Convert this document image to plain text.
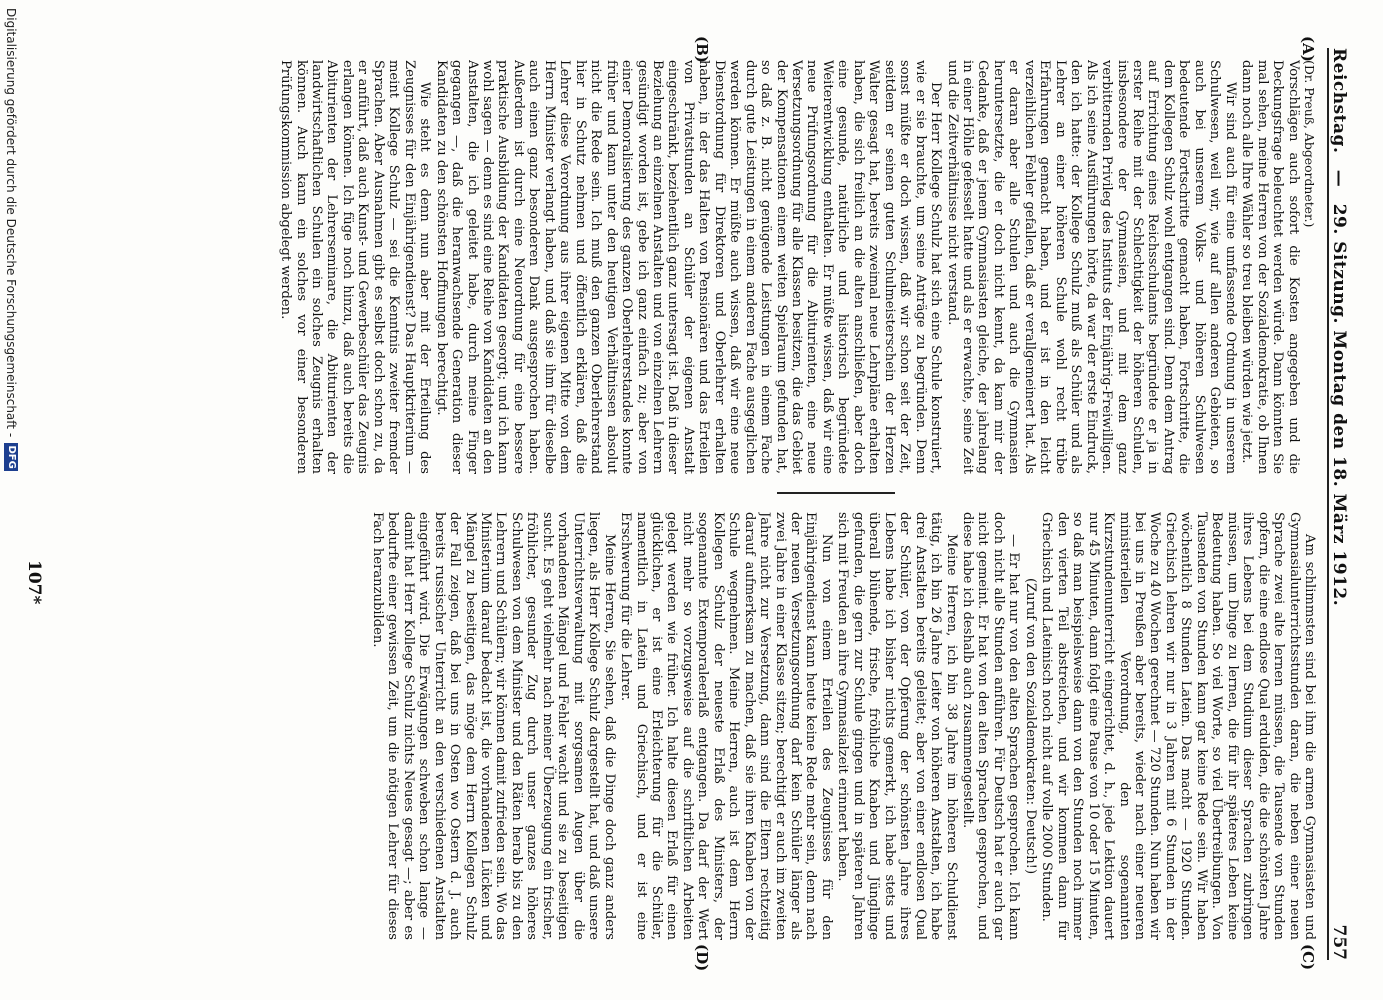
Reichstag. — 29. Sitzung. Montag den 18. März 1912.
757
(A)
(B)
(C)
(D)

(Dr. Preuß, Abgeordneter.)

Vorschlägen auch sofort die Kosten angegeben und die Deckungsfrage beleuchtet werden würde. Dann könnten Sie mal sehen, meine Herren von der Sozialdemokratie, ob Ihnen dann noch alle Ihre Wähler so treu bleiben würden wie jetzt.

Wir sind auch für eine umfassende Ordnung in unserem Schulwesen, weil wir, wie auf allen anderen Gebieten, so auch bei unserem Volks- und höheren Schulwesen bedeutende Fortschritte gemacht haben, Fortschritte, die dem Kollegen Schulz wohl entgangen sind. Denn dem Antrag auf Errichtung eines Reichsschulamts begründete er ja in erster Reihe mit der Schlechtigkeit der höheren Schulen, insbesondere der Gymnasien, und mit dem ganz verbitternden Privileg des Instituts der Einjährig-Freiwilligen. Als ich seine Ausführungen hörte, da war der erste Eindruck, den ich hatte: der Kollege Schulz muß als Schüler und als Lehrer an einer höheren Schule wohl recht trübe Erfahrungen gemacht haben, und er ist in den leicht verzeihlichen Fehler gefallen, daß er verallgemeinert hat. Als er daran aber alle Schulen und auch die Gymnasien heruntersetzte, die er doch nicht kennt, da kam mir der Gedanke, daß er jenem Gymnasiasten gleiche, der jahrelang in einer Höhle gefesselt hatte und als er erwachte, seine Zeit und die Zeitverhältnisse nicht verstand.

Der Herr Kollege Schulz hat sich eine Schule konstruiert, wie er sie brauchte, um seine Anträge zu begründen. Denn sonst müßte er doch wissen, daß wir schon seit der Zeit, seitdem er seinen guten Schulmeisterschein der Herzen Walter gesagt hat, bereits zweimal neue Lehrpläne erhalten haben, die sich freilich an die alten anschließen, aber doch eine gesunde, natürliche und historisch begründete Weiterentwicklung enthalten. Er müßte wissen, daß wir eine neue Prüfungsordnung für die Abiturienten, eine neue Versetzungsordnung für alle Klassen besitzen, die das Gebiet der Kompensationen einem weiten Spielraum gefunden hat, so daß z. B. nicht genügende Leistungen in einem Fache durch gute Leistungen in einem anderen Fache ausgeglichen werden können. Er müßte auch wissen, daß wir eine neue Dienstordnung für Direktoren und Oberlehrer erhalten haben, in der das Halten von Pensionären und das Erteilen von Privatstunden an Schüler der eigenen Anstalt eingeschränkt, beziehentlich ganz untersagt ist. Daß in dieser Beziehung an einzelnen Anstalten und von einzelnen Lehrern gesündigt worden ist, gebe ich ganz einfach zu; aber von einer Demoralisierung des ganzen Oberlehrerstandes konnte früher und kann unter den heutigen Verhältnissen absolut nicht die Rede sein. Ich muß den ganzen Oberlehrerstand hier in Schutz nehmen und öffentlich erklären, daß die Lehrer diese Verordnung aus ihrer eigenen Mitte von dem Herrn Minister verlangt haben, und daß sie ihm für dieselbe auch einen ganz besonderen Dank ausgesprochen haben. Außerdem ist durch eine Neuordnung für eine bessere praktische Ausbildung der Kandidaten gesorgt; und ich kann wohl sagen — denn es sind eine Reihe von Kandidaten an den Anstalten, die ich geleitet habe, durch meine Finger gegangen —, daß die heranwachsende Generation dieser Kandidaten zu den schönsten Hoffnungen berechtigt.

Wie steht es denn nun aber mit der Erteilung des Zeugnisses für den Einjährigendienst? Das Hauptkriterium — meint Kollege Schulz — sei die Kenntnis zweiter fremder Sprachen. Aber Ausnahmen gibt es selbst doch schon zu, da er anführt, daß auch Kunst- und Gewerbeschüler das Zeugnis erlangen können. Ich füge noch hinzu, daß auch bereits die Abiturienten der Lehrerseminare, die Abiturienten der landwirtschaftlichen Schulen ein solches Zeugnis erhalten können. Auch kann ein solches vor einer besonderen Prüfungskommission abgelegt werden.

Am schlimmsten sind bei ihm die armen Gymnasiasten und Gymnasialunterrichtsstunden daran, die neben einer neuen Sprache zwei alte lernen müssen, die Tausende von Stunden opfern, die eine endlose Qual erdulden, die die schönsten Jahre ihres Lebens bei dem Studium dieser Sprachen zubringen müssen, um Dinge zu lernen, die für ihr späteres Leben keine Bedeutung haben. So viel Worte, so viel Übertreibungen. Von Tausenden von Stunden kann gar keine Rede sein. Wir haben wöchentlich 8 Stunden Latein. Das macht — 1920 Stunden. Griechisch lehren wir nur in 3 Jahren mit 6 Stunden in der Woche zu 40 Wochen gerechnet — 720 Stunden. Nun haben wir bei uns in Preußen aber bereits, wieder nach einer neueren ministeriellen Verordnung, den sogenannten Kurzstundenunterricht eingerichtet, d. h., jede Lektion dauert nur 45 Minuten, dann folgt eine Pause von 10 oder 15 Minuten, so daß man beispielsweise dann von den Stunden noch immer den vierten Teil abstreichen, und wir kommen dann für Griechisch und Lateinisch noch nicht auf volle 2000 Stunden.

(Zuruf von den Sozialdemokraten: Deutsch!)

— Er hat nur von den alten Sprachen gesprochen. Ich kann doch nicht alle Stunden anführen. Für Deutsch hat er auch gar nicht gemeint. Er hat von den alten Sprachen gesprochen, und diese habe ich deshalb auch zusammengestellt.

Meine Herren, ich bin 38 Jahre im höheren Schuldienst tätig, ich bin 26 Jahre Leiter von höheren Anstalten, ich habe drei Anstalten bereits geleitet; aber von einer endlosen Qual der Schüler, von der Opferung der schönsten Jahre ihres Lebens habe ich bisher nichts gemerkt, ich habe stets und überall blühende, frische, fröhliche Knaben und Jünglinge gefunden, die gern zur Schule gingen und in späteren Jahren sich mit Freuden an ihre Gymnasialzeit erinnert haben.

Nun von einem Erteilen des Zeugnisses für den Einjährigendienst kann heute keine Rede mehr sein, denn nach der neuen Versetzungsordnung darf kein Schüler länger als zwei Jahre in einer Klasse sitzen; berechtigt er auch im zweiten Jahre nicht zur Versetzung, dann sind die Eltern rechtzeitig darauf aufmerksam zu machen, daß sie ihren Knaben von der Schule wegnehmen. Meine Herren, auch ist dem Herrn Kollegen Schulz der neueste Erlaß des Ministers, der sogenannte Extemporaleerlaß entgangen. Da darf der Wert nicht mehr so vorzugsweise auf die schriftlichen Arbeiten gelegt werden wie früher. Ich halte diesen Erlaß für einen glücklichen, er ist eine Erleichterung für die Schüler, namentlich in Latein und Griechisch, und er ist eine Erschwerung für die Lehrer.

Meine Herren, Sie sehen, daß die Dinge doch ganz anders liegen, als Herr Kollege Schulz dargestellt hat, und daß unsere Unterrichtsverwaltung mit sorgsamen Augen über die vorhandenen Mängel und Fehler wacht und sie zu beseitigen sucht. Es geht vielmehr nach meiner Überzeugung ein frischer, fröhlicher, gesunder Zug durch unser ganzes höheres Schulwesen von dem Minister und den Räten herab bis zu den Lehrern und Schülern; wir können damit zufrieden sein. Wo das Ministerium darauf bedacht ist, die vorhandenen Lücken und Mängel zu beseitigen, das möge dem Herrn Kollegen Schulz der Fall zeigen, daß bei uns in Osten wo Ostern d. J. auch bereits russischer Unterricht an den verschiedenen Anstalten eingeführt wird. Die Erwägungen schweben schon lange — damit hat Herr Kollege Schulz nichts Neues gesagt —; aber es bedurfte einer gewissen Zeit, um die nötigen Lehrer für dieses Fach heranzubilden.

107*
Digitalisierung gefördert durch die Deutsche Forschungsgemeinschaft -
DFG
